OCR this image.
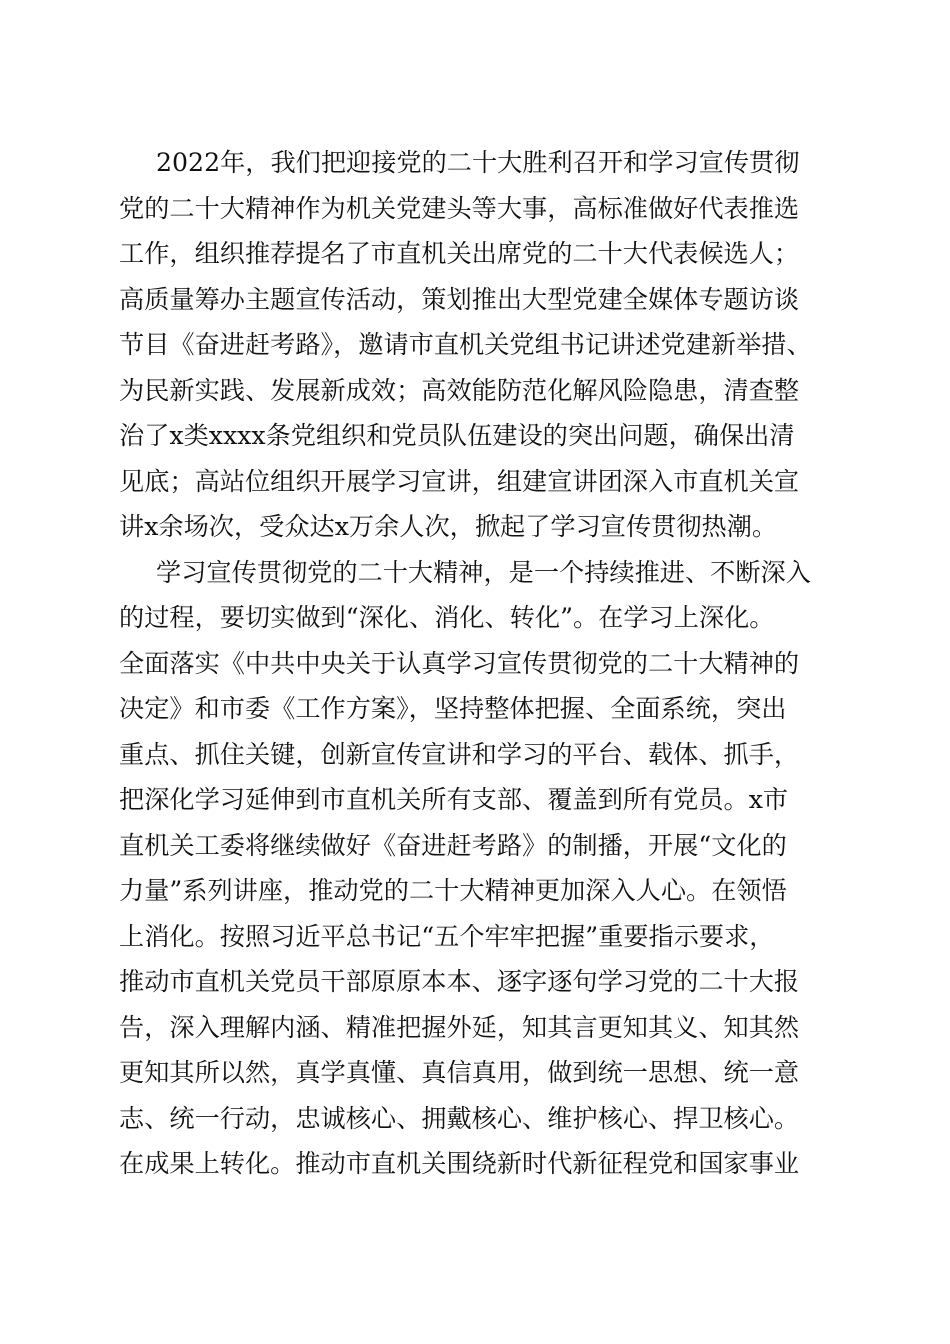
2022年，我们把迎接党的二十大胜利召开和学习宣传贯彻
党的二十大精神作为机关党建头等大事，高标准做好代表推选
工作，组织推荐提名了市直机关出席党的二十大代表候选人；
高质量筹办主题宣传活动，策划推出大型党建全媒体专题访谈
节目《奋进赶考路》，邀请市直机关党组书记讲述党建新举措、
为民新实践、发展新成效；高效能防范化解风险隐患，清查整
治了x类xxxx条党组织和党员队伍建设的突出问题，确保出清
见底；高站位组织开展学习宣讲，组建宣讲团深入市直机关宣
讲x余场次，受众达x万余人次，掀起了学习宣传贯彻热潮。
学习宣传贯彻党的二十大精神，是一个持续推进、不断深入
的过程，要切实做到“深化、消化、转化”。在学习上深化。
全面落实《中共中央关于认真学习宣传贯彻党的二十大精神的
决定》和市委《工作方案》，坚持整体把握、全面系统，突出
重点、抓住关键，创新宣传宣讲和学习的平台、载体、抓手，
把深化学习延伸到市直机关所有支部、覆盖到所有党员。x市
直机关工委将继续做好《奋进赶考路》的制播，开展“文化的
力量”系列讲座，推动党的二十大精神更加深入人心。在领悟
上消化。按照习近平总书记“五个牢牢把握”重要指示要求，
推动市直机关党员干部原原本本、逐字逐句学习党的二十大报
告，深入理解内涵、精准把握外延，知其言更知其义、知其然
更知其所以然，真学真懂、真信真用，做到统一思想、统一意
志、统一行动，忠诚核心、拥戴核心、维护核心、捍卫核心。
在成果上转化。推动市直机关围绕新时代新征程党和国家事业
